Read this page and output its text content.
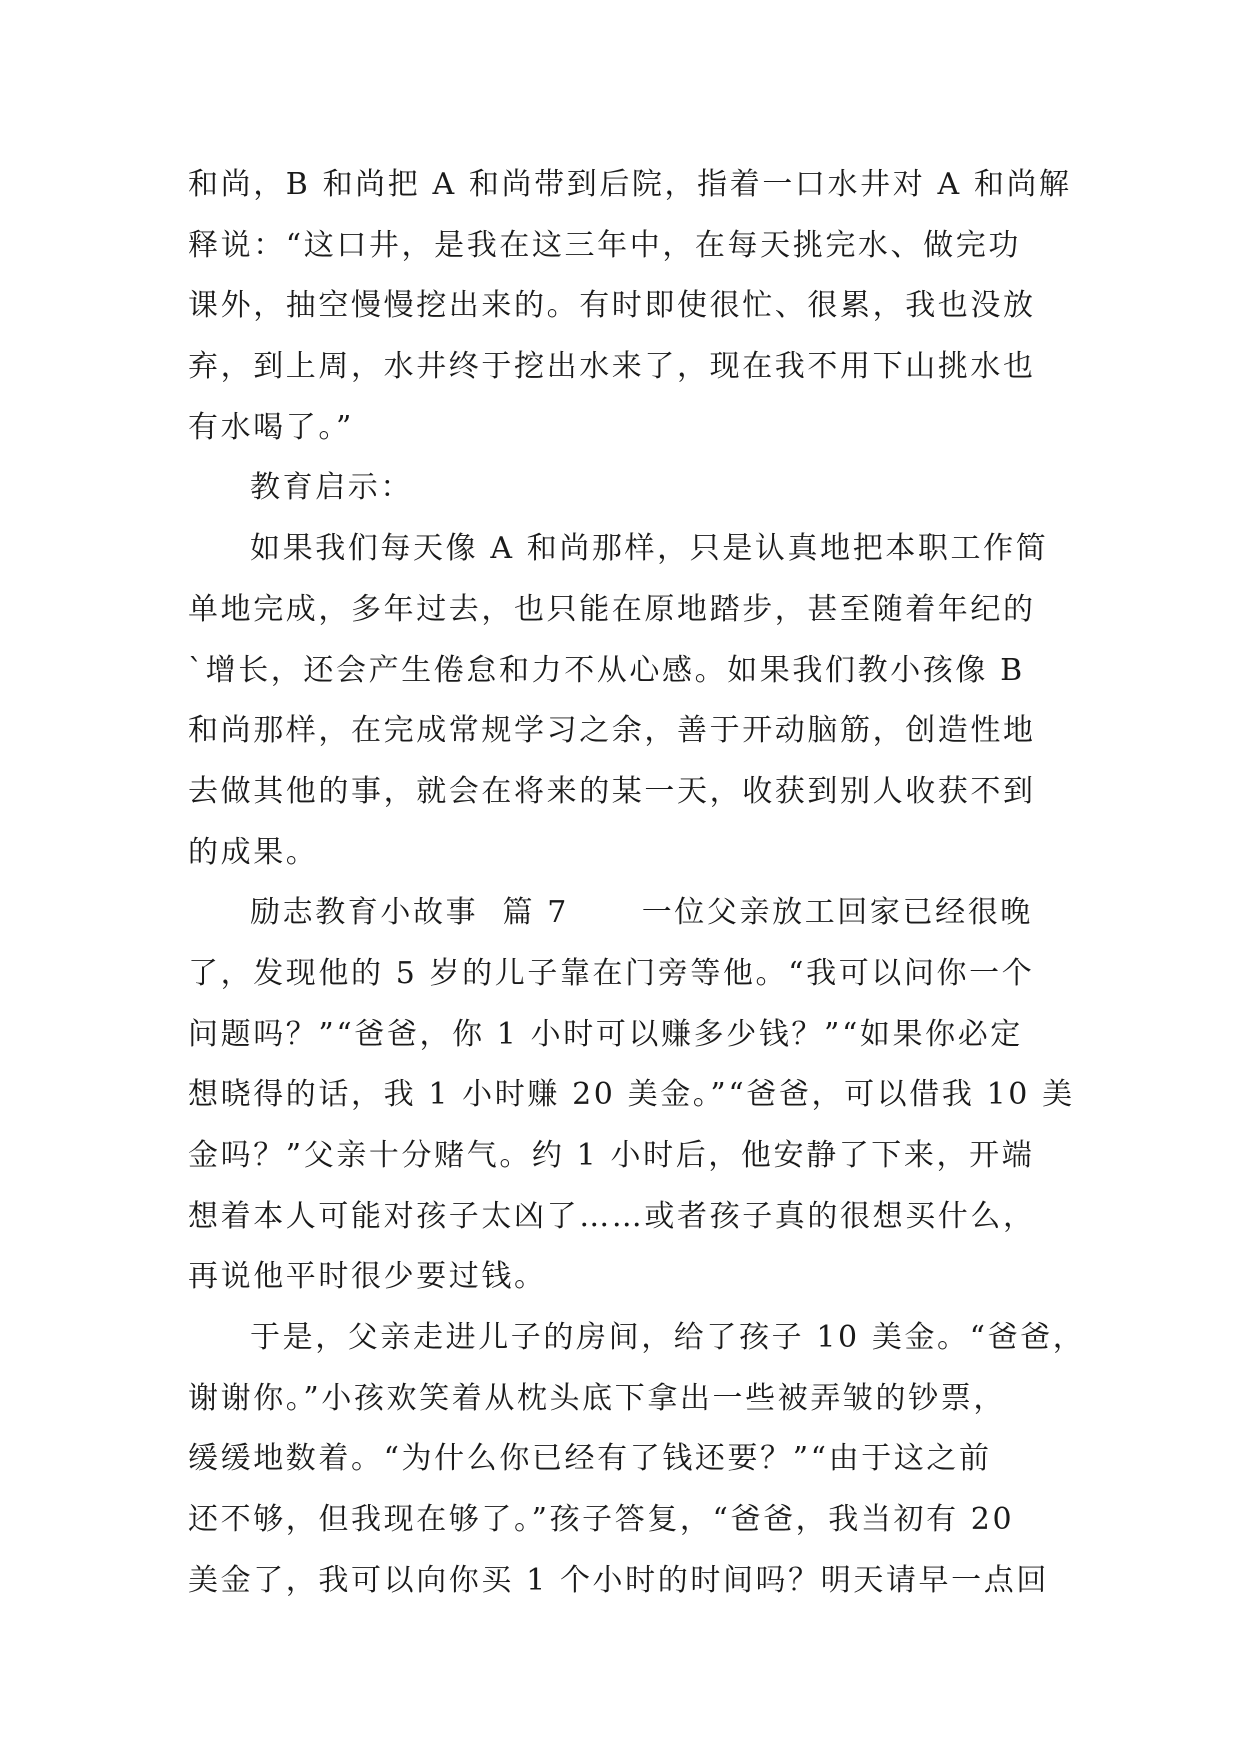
和尚，B 和尚把 A 和尚带到后院，指着一口水井对 A 和尚解
释说：“这口井，是我在这三年中，在每天挑完水、做完功
课外，抽空慢慢挖出来的。有时即使很忙、很累，我也没放
弃，到上周，水井终于挖出水来了，现在我不用下山挑水也
有水喝了。”
教育启示：
如果我们每天像 A 和尚那样，只是认真地把本职工作简
单地完成，多年过去，也只能在原地踏步，甚至随着年纪的
`增长，还会产生倦怠和力不从心感。如果我们教小孩像 B
和尚那样，在完成常规学习之余，善于开动脑筋，创造性地
去做其他的事，就会在将来的某一天，收获到别人收获不到
的成果。
励志教育小故事  篇 7      一位父亲放工回家已经很晚
了，发现他的 5 岁的儿子靠在门旁等他。“我可以问你一个
问题吗？”“爸爸，你 1 小时可以赚多少钱？”“如果你必定
想晓得的话，我 1 小时赚 20 美金。”“爸爸，可以借我 10 美
金吗？”父亲十分赌气。约 1 小时后，他安静了下来，开端
想着本人可能对孩子太凶了……或者孩子真的很想买什么，
再说他平时很少要过钱。
于是，父亲走进儿子的房间，给了孩子 10 美金。“爸爸，
谢谢你。”小孩欢笑着从枕头底下拿出一些被弄皱的钞票，
缓缓地数着。“为什么你已经有了钱还要？”“由于这之前
还不够，但我现在够了。”孩子答复，“爸爸，我当初有 20
美金了，我可以向你买 1 个小时的时间吗？明天请早一点回
